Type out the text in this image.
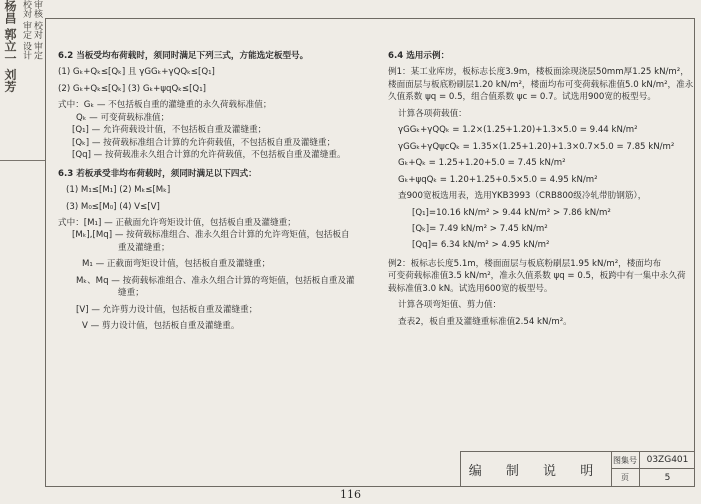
杨昌 郭立一 刘芳 校対 审定 设计 审核 校对 审定 6.2 当板受均布荷载时，须同时满足下列三式，方能选定板型号。

(1) Gₖ+Qₖ≤[Qₖ] 且 γGGₖ+γQQₖ≤[Q₁]

(2) Gₖ+Qₖ≤[Qₖ] (3) Gₖ+ψqQₖ≤[Q₁]

式中：Gₖ — 不包括板自重的灌缝重的永久荷载标准值；

Qₖ — 可变荷载标准值；

[Q₁] — 允许荷载设计值，不包括板自重及灌缝重；

[Qₖ] — 按荷载标准组合计算的允许荷载值，不包括板自重及灌缝重；

[Qq] — 按荷载准永久组合计算的允许荷载值，不包括板自重及灌缝重。

6.3 若板承受非均布荷载时，须同时满足以下四式：

(1) M₁≤[M₁] (2) Mₖ≤[Mₖ]

(3) M₀≤[M₀] (4) V≤[V]

式中：[M₁] — 正截面允许弯矩设计值，包括板自重及灌缝重；

[Mₖ],[Mq] — 按荷载标准组合、准永久组合计算的允许弯矩值，包括板自

重及灌缝重；

M₁ — 正截面弯矩设计值，包括板自重及灌缝重；

Mₖ、Mq — 按荷载标准组合、准永久组合计算的弯矩值，包括板自重及灌

缝重；

[V] — 允许剪力设计值，包括板自重及灌缝重；

V — 剪力设计值，包括板自重及灌缝重。

6.4 选用示例：

例1：某工业库房，板标志长度3.9m，楼板面涂现浇层50mm厚1.25 kN/m²，

楼面面层与板底粉刷层1.20 kN/m²，楼面均布可变荷载标准值5.0 kN/m²，准永

久值系数 ψq = 0.5，组合值系数 ψc = 0.7。试选用900宽的板型号。

计算各项荷载值：

γGGₖ+γQQₖ = 1.2×(1.25+1.20)+1.3×5.0 = 9.44 kN/m²

γGGₖ+γQψcQₖ = 1.35×(1.25+1.20)+1.3×0.7×5.0 = 7.85 kN/m²

Gₖ+Qₖ = 1.25+1.20+5.0 = 7.45 kN/m²

Gₖ+ψqQₖ = 1.20+1.25+0.5×5.0 = 4.95 kN/m²

查900宽板选用表，选用YKB3993（CRB800级冷轧带肋钢筋），

[Q₁]=10.16 kN/m² > 9.44 kN/m² > 7.86 kN/m²

[Qₖ]= 7.49 kN/m² > 7.45 kN/m²

[Qq]= 6.34 kN/m² > 4.95 kN/m²

例2：板标志长度5.1m，楼面面层与板底粉刷层1.95 kN/m²，楼面均布

可变荷载标准值3.5 kN/m²，准永久值系数 ψq = 0.5，板跨中有一集中永久荷

载标准值3.0 kN。试选用600宽的板型号。

计算各项弯矩值、剪力值：

查表2，板自重及灌缝重标准值2.54 kN/m²。

编 制 说 明
图集号	03ZG401
页	5
116
